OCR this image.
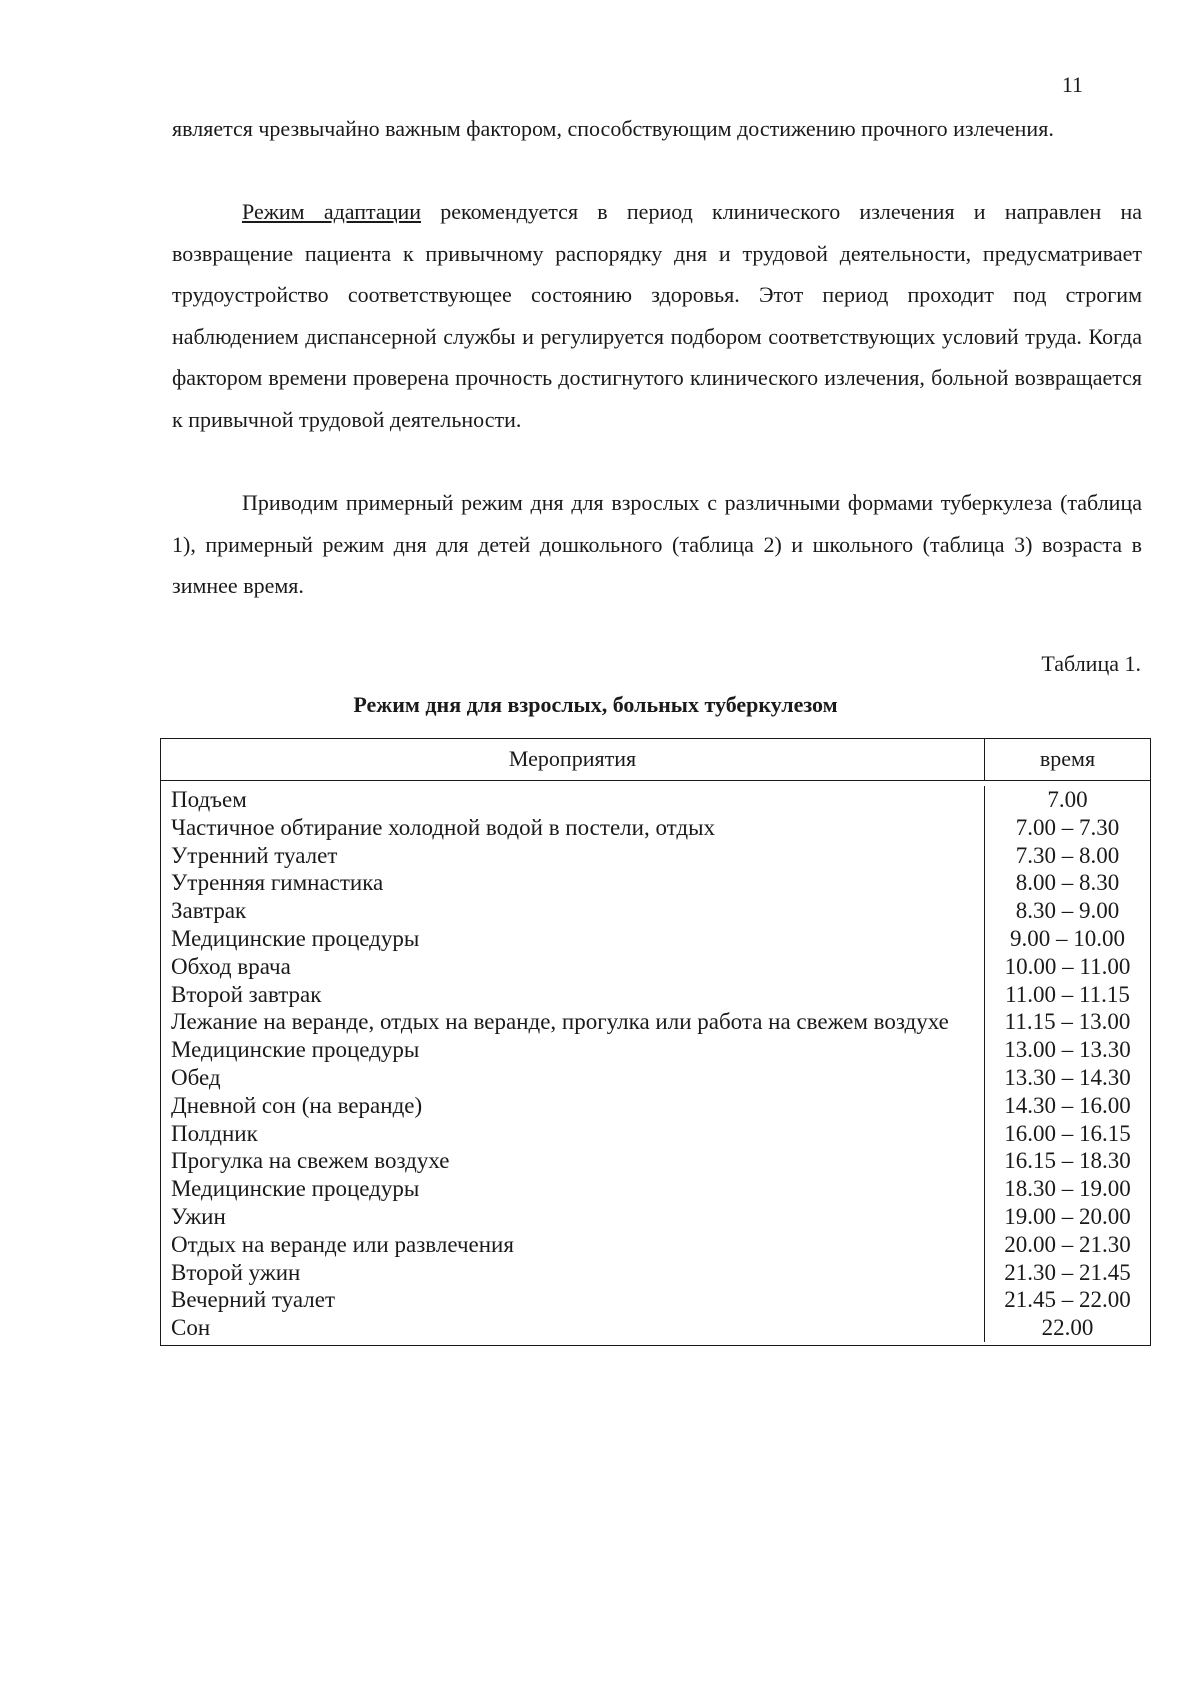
11
является чрезвычайно важным фактором, способствующим достижению прочного излечения.
Режим адаптации рекомендуется в период клинического излечения и направлен на возвращение пациента к привычному распорядку дня и трудовой деятельности, предусматривает трудоустройство соответствующее состоянию здоровья. Этот период проходит под строгим наблюдением диспансерной службы и регулируется подбором соответствующих условий труда. Когда фактором времени проверена прочность достигнутого клинического излечения, больной возвращается к привычной трудовой деятельности.
Приводим примерный режим дня для взрослых с различными формами туберкулеза (таблица 1), примерный режим дня для детей дошкольного (таблица 2) и школьного (таблица 3) возраста в зимнее время.
Таблица 1.
Режим дня для взрослых, больных туберкулезом
Мероприятия	время
Подъем	7.00
Частичное обтирание холодной водой в постели, отдых	7.00 – 7.30
Утренний туалет	7.30 – 8.00
Утренняя гимнастика	8.00 – 8.30
Завтрак	8.30 – 9.00
Медицинские процедуры	9.00 – 10.00
Обход врача	10.00 – 11.00
Второй завтрак	11.00 – 11.15
Лежание на веранде, отдых на веранде, прогулка или работа на свежем воздухе	11.15 – 13.00
Медицинские процедуры	13.00 – 13.30
Обед	13.30 – 14.30
Дневной сон (на веранде)	14.30 – 16.00
Полдник	16.00 – 16.15
Прогулка на свежем воздухе	16.15 – 18.30
Медицинские процедуры	18.30 – 19.00
Ужин	19.00 – 20.00
Отдых на веранде или развлечения	20.00 – 21.30
Второй ужин	21.30 – 21.45
Вечерний туалет	21.45 – 22.00
Сон	22.00
